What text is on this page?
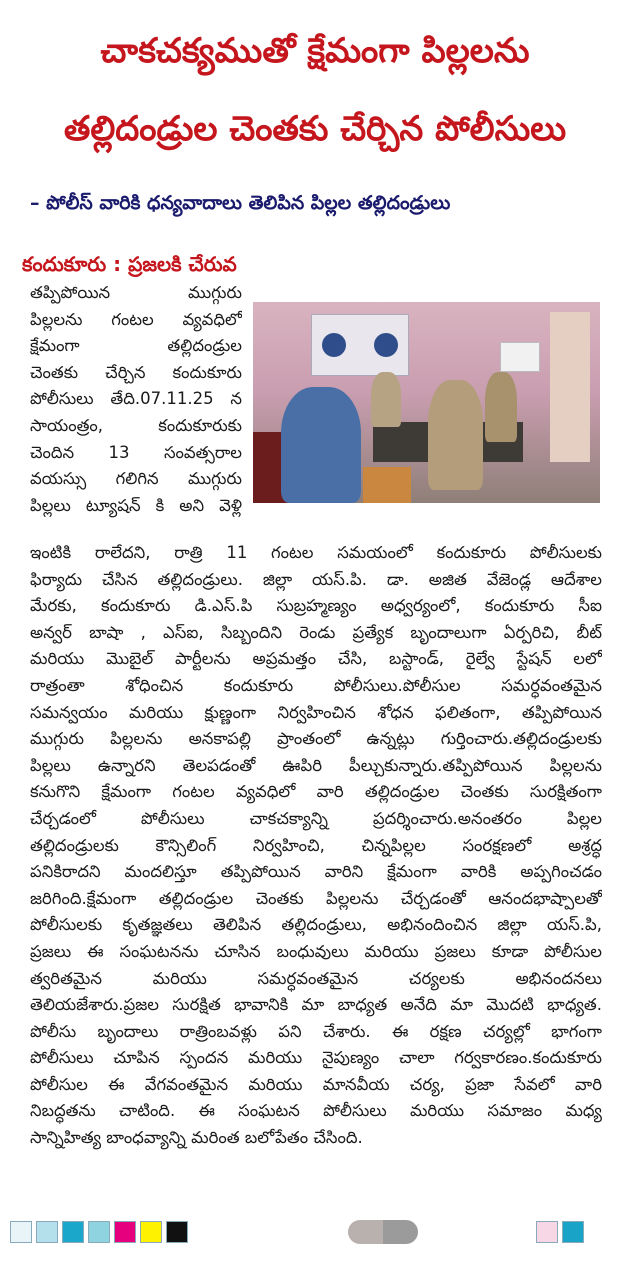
చాకచక్యముతో క్షేమంగా పిల్లలను
తల్లిదండ్రుల చెంతకు చేర్చిన పోలీసులు
– పోలీస్ వారికి ధన్యవాదాలు తెలిపిన పిల్లల తల్లిదండ్రులు
కందుకూరు : ప్రజలకి చేరువ
తప్పిపోయిన ముగ్గురు
పిల్లలను గంటల వ్యవధిలో
క్షేమంగా తల్లిదండ్రుల
చెంతకు చేర్చిన కందుకూరు
పోలీసులు తేది.07.11.25 న
సాయంత్రం, కందుకూరుకు
చెందిన 13 సంవత్సరాల
వయస్సు గలిగిన ముగ్గురు
పిల్లలు ట్యూషన్ కి అని వెళ్లి
ఇంటికి రాలేదని, రాత్రి 11 గంటల సమయంలో కందుకూరు పోలీసులకు
ఫిర్యాదు చేసిన తల్లిదండ్రులు. జిల్లా యస్.పి. డా. అజిత వేజెండ్ల ఆదేశాల
మేరకు, కందుకూరు డి.ఎస్.పి సుబ్రహ్మణ్యం అధ్వర్యంలో, కందుకూరు సీఐ
అన్వర్ బాషా , ఎస్ఐ, సిబ్బందిని రెండు ప్రత్యేక బృందాలుగా ఏర్పరిచి, బీట్
మరియు మొబైల్ పార్టీలను అప్రమత్తం చేసి, బస్టాండ్, రైల్వే స్టేషన్ లలో
రాత్రంతా శోధించిన కందుకూరు పోలీసులు.పోలీసుల సమర్ధవంతమైన
సమన్వయం మరియు క్షుణ్ణంగా నిర్వహించిన శోధన ఫలితంగా, తప్పిపోయిన
ముగ్గురు పిల్లలను అనకాపల్లి ప్రాంతంలో ఉన్నట్లు గుర్తించారు.తల్లిదండ్రులకు
పిల్లలు ఉన్నారని తెలపడంతో ఊపిరి పీల్చుకున్నారు.తప్పిపోయిన పిల్లలను
కనుగొని క్షేమంగా గంటల వ్యవధిలో వారి తల్లిదండ్రుల చెంతకు సురక్షితంగా
చేర్చడంలో పోలీసులు చాకచక్యాన్ని ప్రదర్శించారు.అనంతరం పిల్లల
తల్లిదండ్రులకు కౌన్సిలింగ్ నిర్వహించి, చిన్నపిల్లల సంరక్షణలో అశ్రద్ధ
పనికిరాదని మందలిస్తూ తప్పిపోయిన వారిని క్షేమంగా వారికి అప్పగించడం
జరిగింది.క్షేమంగా తల్లిదండ్రుల చెంతకు పిల్లలను చేర్చడంతో ఆనందభాష్పాలతో
పోలీసులకు కృతజ్ఞతలు తెలిపిన తల్లిదండ్రులు, అభినందించిన జిల్లా యస్.పి,
ప్రజలు ఈ సంఘటనను చూసిన బంధువులు మరియు ప్రజలు కూడా పోలీసుల
త్వరితమైన మరియు సమర్ధవంతమైన చర్యలకు అభినందనలు
తెలియజేశారు.ప్రజల సురక్షిత భావానికి మా బాధ్యత అనేది మా మొదటి భాధ్యత.
పోలీసు బృందాలు రాత్రింబవళ్లు పని చేశారు. ఈ రక్షణ చర్యల్లో భాగంగా
పోలీసులు చూపిన స్పందన మరియు నైపుణ్యం చాలా గర్వకారణం.కందుకూరు
పోలీసుల ఈ వేగవంతమైన మరియు మానవీయ చర్య, ప్రజా సేవలో వారి
నిబద్ధతను చాటింది. ఈ సంఘటన పోలీసులు మరియు సమాజం మధ్య
సాన్నిహిత్య బాంధవ్యాన్ని మరింత బలోపేతం చేసింది.
